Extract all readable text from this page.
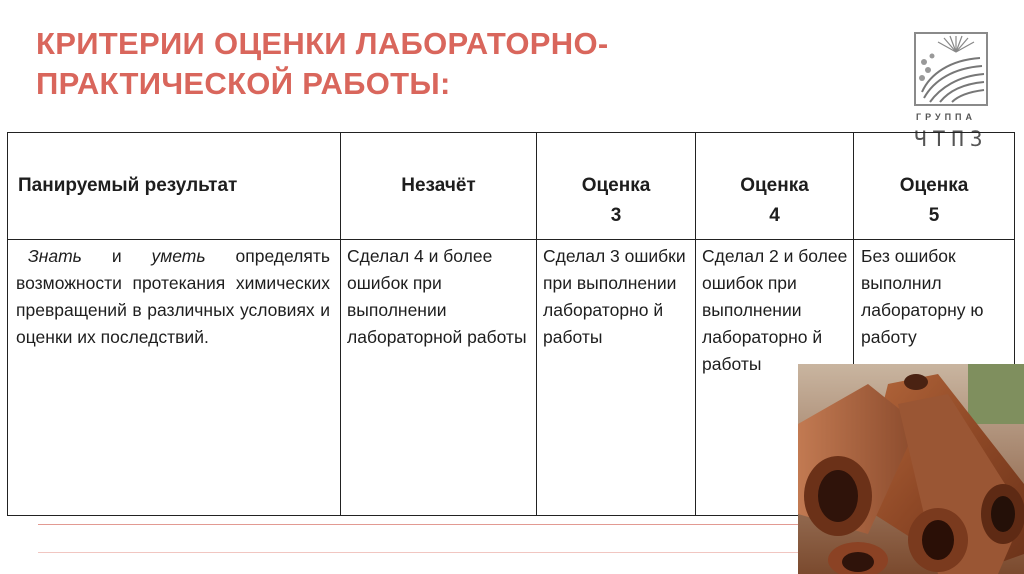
КРИТЕРИИ ОЦЕНКИ ЛАБОРАТОРНО-
ПРАКТИЧЕСКОЙ РАБОТЫ:
ГРУППА
ЧТПЗ
Панируемый результат	Незачёт	Оценка
3
Оценка
4
Оценка
5
Знать и уметь определять возможности протекания химических превращений в различных условиях и оценки их последствий.
Сделал 4 и более ошибок при выполнении лабораторной работы
Сделал 3 ошибки при выполнении лабораторно й работы
Сделал 2 и более ошибок при выполнении лабораторно й работы
Без ошибок выполнил лабораторну ю работу
